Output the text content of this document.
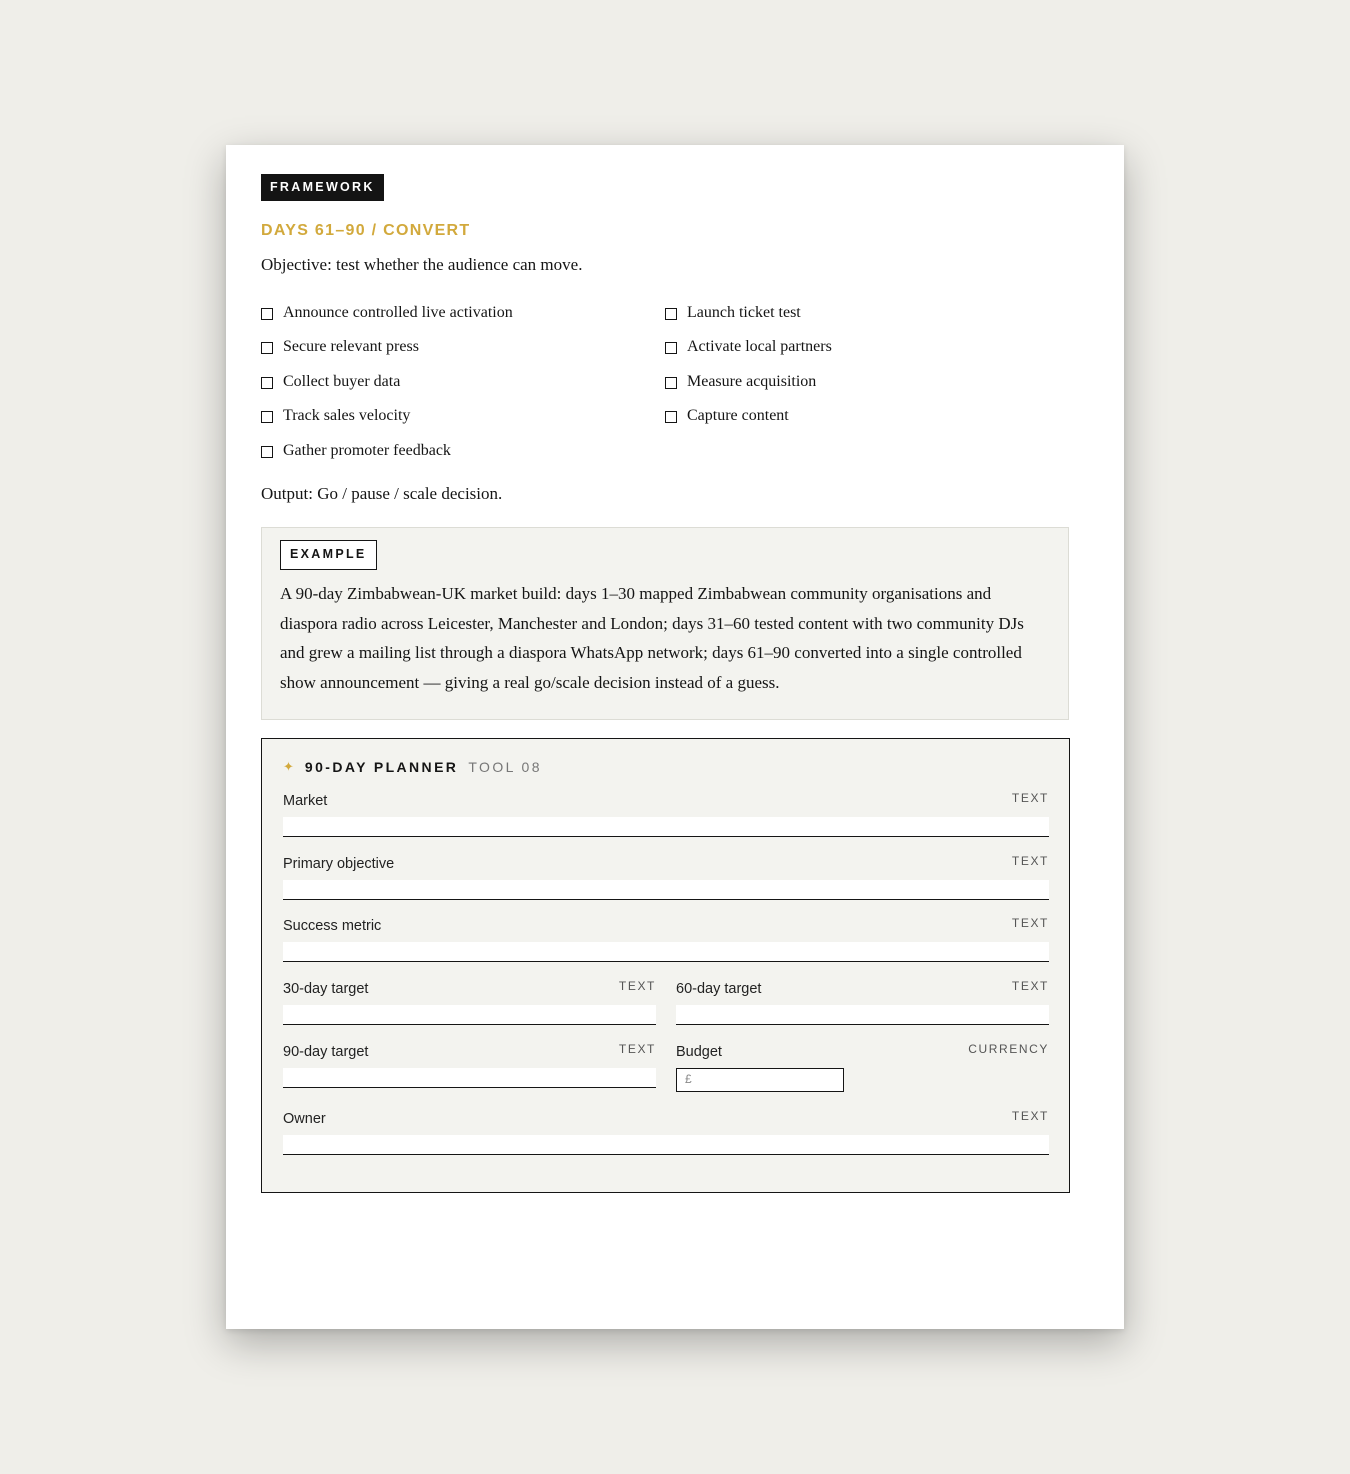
FRAMEWORK
DAYS 61–90 / CONVERT
Objective: test whether the audience can move.
Announce controlled live activation
Secure relevant press
Collect buyer data
Track sales velocity
Gather promoter feedback
Launch ticket test
Activate local partners
Measure acquisition
Capture content
Output: Go / pause / scale decision.
EXAMPLE

A 90-day Zimbabwean-UK market build: days 1–30 mapped Zimbabwean community organisations and diaspora radio across Leicester, Manchester and London; days 31–60 tested content with two community DJs and grew a mailing list through a diaspora WhatsApp network; days 61–90 converted into a single controlled show announcement — giving a real go/scale decision instead of a guess.

✦ 90-DAY PLANNER TOOL 08
Market	TEXT
Primary objective	TEXT
Success metric	TEXT
30-day target	TEXT 60-day target	TEXT
90-day target	TEXT Budget	CURRENCY
£
Owner	TEXT
